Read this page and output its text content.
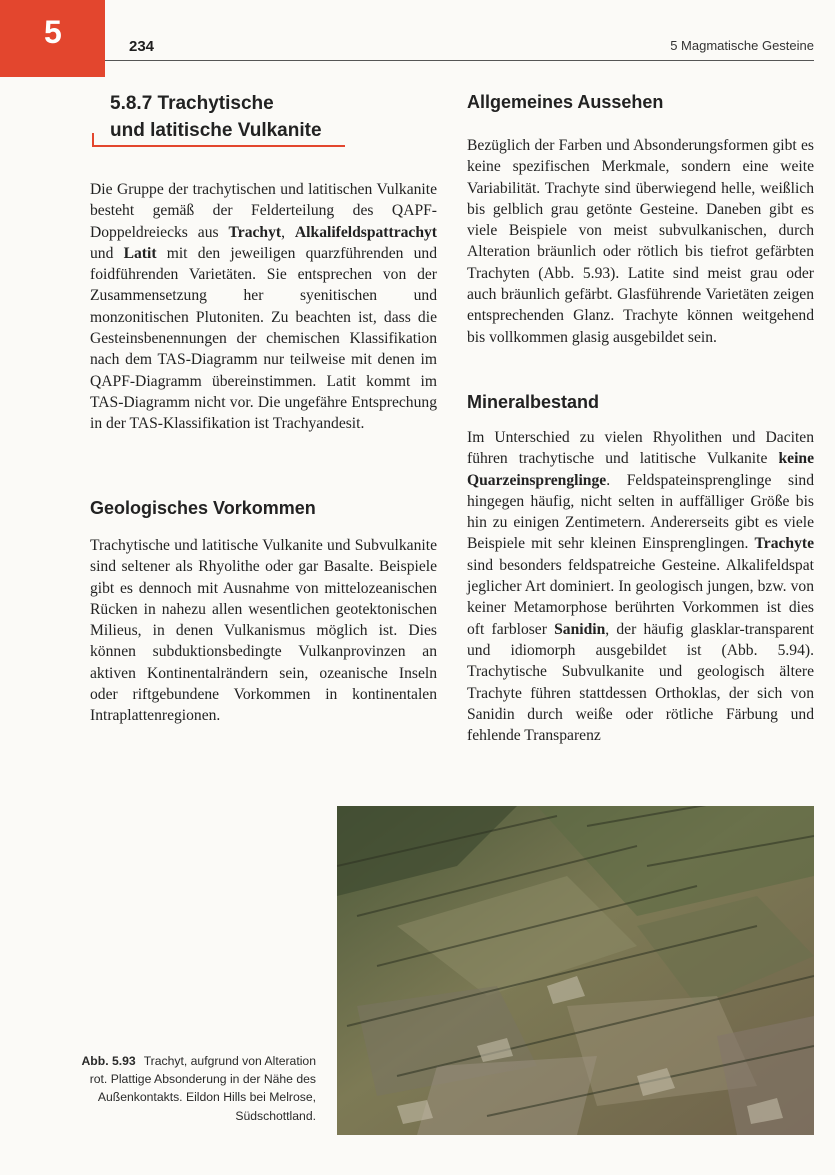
5	234	5 Magmatische Gesteine
5.8.7 Trachytische
und latitische Vulkanite

Die Gruppe der trachytischen und latitischen Vulkanite besteht gemäß der Felderteilung des QAPF-Doppeldreiecks aus Trachyt, Alkalifeldspattrachyt und Latit mit den jeweiligen quarzführenden und foidführenden Varietäten. Sie entsprechen von der Zusammensetzung her syenitischen und monzonitischen Plutoniten. Zu beachten ist, dass die Gesteinsbenennungen der chemischen Klassifikation nach dem TAS-Diagramm nur teilweise mit denen im QAPF-Diagramm übereinstimmen. Latit kommt im TAS-Diagramm nicht vor. Die ungefähre Entsprechung in der TAS-Klassifikation ist Trachyandesit.

Geologisches Vorkommen

Trachytische und latitische Vulkanite und Subvulkanite sind seltener als Rhyolithe oder gar Basalte. Beispiele gibt es dennoch mit Ausnahme von mittelozeanischen Rücken in nahezu allen wesentlichen geotektonischen Milieus, in denen Vulkanismus möglich ist. Dies können subduktionsbedingte Vulkanprovinzen an aktiven Kontinentalrändern sein, ozeanische Inseln oder riftgebundene Vorkommen in kontinentalen Intraplattenregionen.

Allgemeines Aussehen

Bezüglich der Farben und Absonderungsformen gibt es keine spezifischen Merkmale, sondern eine weite Variabilität. Trachyte sind überwiegend helle, weißlich bis gelblich grau getönte Gesteine. Daneben gibt es viele Beispiele von meist subvulkanischen, durch Alteration bräunlich oder rötlich bis tiefrot gefärbten Trachyten (Abb. 5.93). Latite sind meist grau oder auch bräunlich gefärbt. Glasführende Varietäten zeigen entsprechenden Glanz. Trachyte können weitgehend bis vollkommen glasig ausgebildet sein.

Mineralbestand

Im Unterschied zu vielen Rhyolithen und Daciten führen trachytische und latitische Vulkanite keine Quarzeinsprenglinge. Feldspateinsprenglinge sind hingegen häufig, nicht selten in auffälliger Größe bis hin zu einigen Zentimetern. Andererseits gibt es viele Beispiele mit sehr kleinen Einsprenglingen. Trachyte sind besonders feldspatreiche Gesteine. Alkalifeldspat jeglicher Art dominiert. In geologisch jungen, bzw. von keiner Metamorphose berührten Vorkommen ist dies oft farbloser Sanidin, der häufig glasklar-transparent und idiomorph ausgebildet ist (Abb. 5.94). Trachytische Subvulkanite und geologisch ältere Trachyte führen stattdessen Orthoklas, der sich von Sanidin durch weiße oder rötliche Färbung und fehlende Transparenz

Abb. 5.93 Trachyt, aufgrund von Alteration rot. Plattige Absonderung in der Nähe des Außenkontakts. Eildon Hills bei Melrose, Südschottland.
